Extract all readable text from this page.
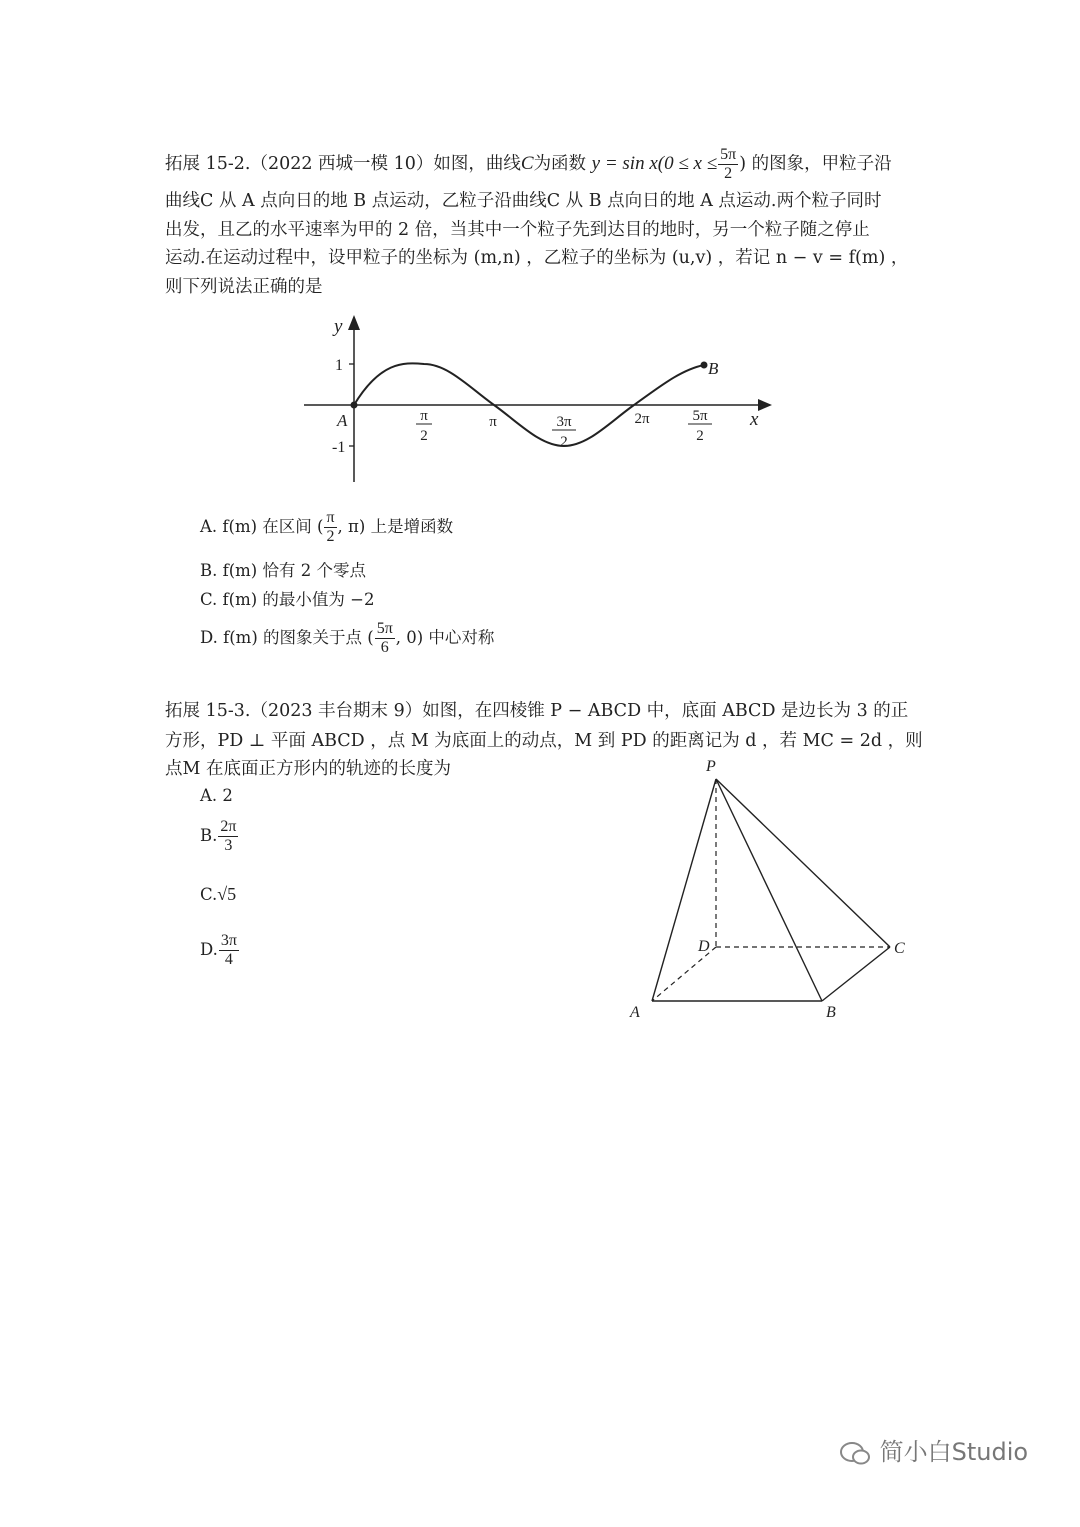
拓展 15-2.（2022 西城一模 10）如图，曲线C为函数 $y = \sin x(0 \le x \le \frac{5\pi}{2}$ ) 的图象，甲粒子沿
曲线C 从 A 点向日的地 B 点运动，乙粒子沿曲线C 从 B 点向日的地 A 点运动.两个粒子同时
出发，且乙的水平速率为甲的 2 倍，当其中一个粒子先到达目的地时，另一个粒子随之停止
运动.在运动过程中，设甲粒子的坐标为 (m,n) ，乙粒子的坐标为 (u,v) ，若记 n − v = f(m) ，
则下列说法正确的是
y
x
1
-1
A
B
π
2
π	3π
2
2π	5π
2
A. f(m) 在区间 ( $\frac{\pi}{2}$ , π) 上是增函数
B. f(m) 恰有 2 个零点
C. f(m) 的最小值为 −2
D. f(m) 的图象关于点 ( $\frac{5\pi}{6}$ , 0) 中心对称
拓展 15-3.（2023 丰台期末 9）如图，在四棱锥 P − ABCD 中，底面 ABCD 是边长为 3 的正
方形，PD ⊥ 平面 ABCD ，点 M 为底面上的动点，M 到 PD 的距离记为 d ，若 MC = 2d ，则
点M 在底面正方形内的轨迹的长度为
A. 2
B. $\frac{2\pi}{3}$
C.√5
D. $\frac{3\pi}{4}$
P
D	C
A	B
简小白Studio
